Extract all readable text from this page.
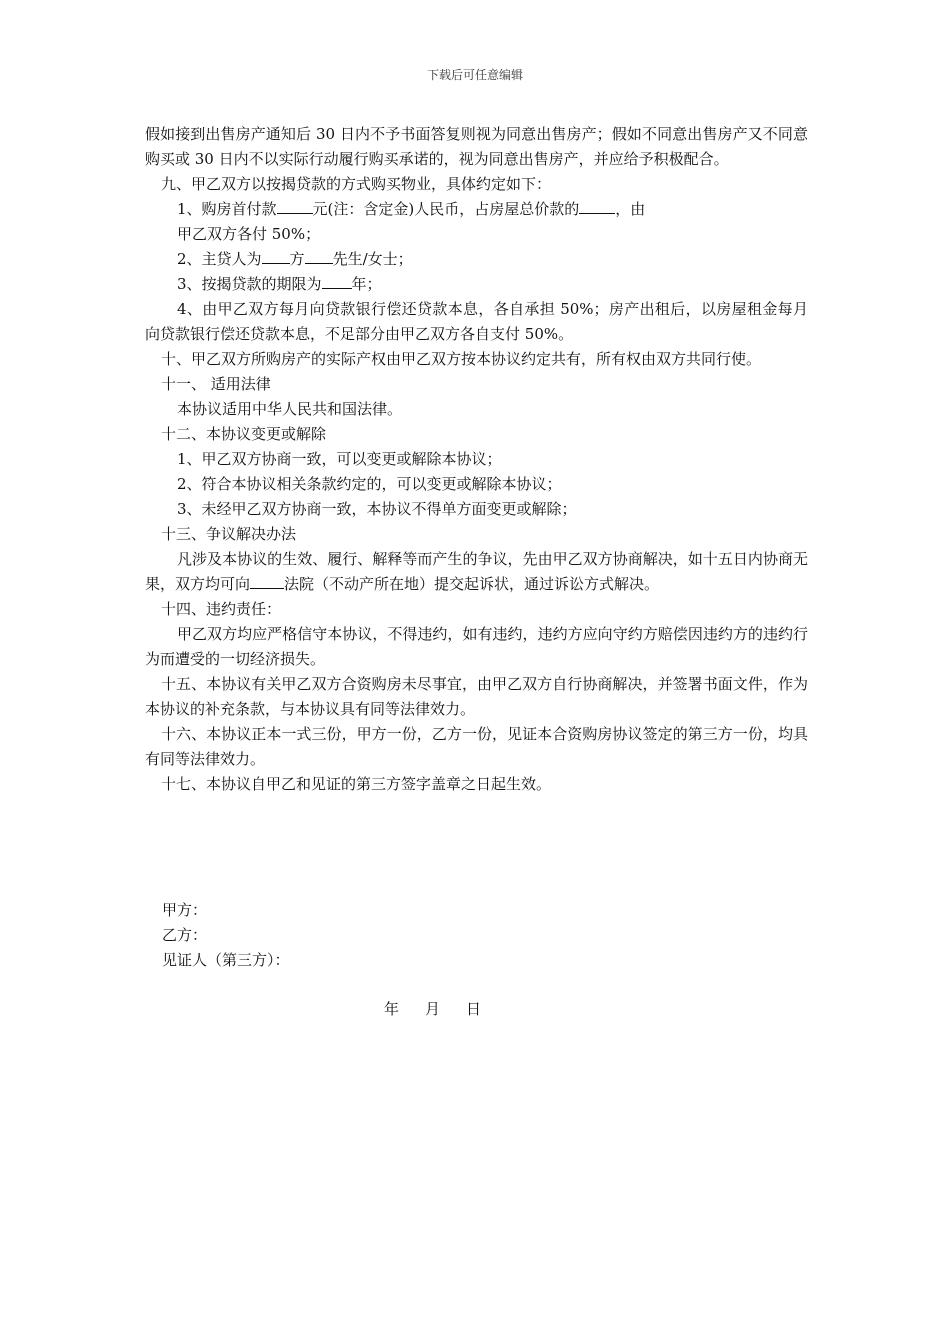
下载后可任意编辑

假如接到出售房产通知后 30 日内不予书面答复则视为同意出售房产；假如不同意出售房产又不同意购买或 30 日内不以实际行动履行购买承诺的，视为同意出售房产，并应给予积极配合。

九、甲乙双方以按揭贷款的方式购买物业，具体约定如下：

1、购房首付款 元(注：含定金)人民币，占房屋总价款的 ，由

甲乙双方各付 50%；

2、主贷人为 方 先生/女士；

3、按揭贷款的期限为 年；

4、由甲乙双方每月向贷款银行偿还贷款本息，各自承担 50%；房产出租后，以房屋租金每月向贷款银行偿还贷款本息，不足部分由甲乙双方各自支付 50%。

十、甲乙双方所购房产的实际产权由甲乙双方按本协议约定共有，所有权由双方共同行使。

十一、 适用法律

本协议适用中华人民共和国法律。

十二、本协议变更或解除

1、甲乙双方协商一致，可以变更或解除本协议；

2、符合本协议相关条款约定的，可以变更或解除本协议；

3、未经甲乙双方协商一致，本协议不得单方面变更或解除；

十三、争议解决办法

凡涉及本协议的生效、履行、解释等而产生的争议，先由甲乙双方协商解决，如十五日内协商无果，双方均可向 法院（不动产所在地）提交起诉状，通过诉讼方式解决。

十四、违约责任：

甲乙双方均应严格信守本协议，不得违约，如有违约，违约方应向守约方赔偿因违约方的违约行为而遭受的一切经济损失。

十五、本协议有关甲乙双方合资购房未尽事宜，由甲乙双方自行协商解决，并签署书面文件，作为本协议的补充条款，与本协议具有同等法律效力。

十六、本协议正本一式三份，甲方一份，乙方一份，见证本合资购房协议签定的第三方一份，均具有同等法律效力。

十七、本协议自甲乙和见证的第三方签字盖章之日起生效。

甲方：
乙方：
见证人（第三方）：
年 月 日
